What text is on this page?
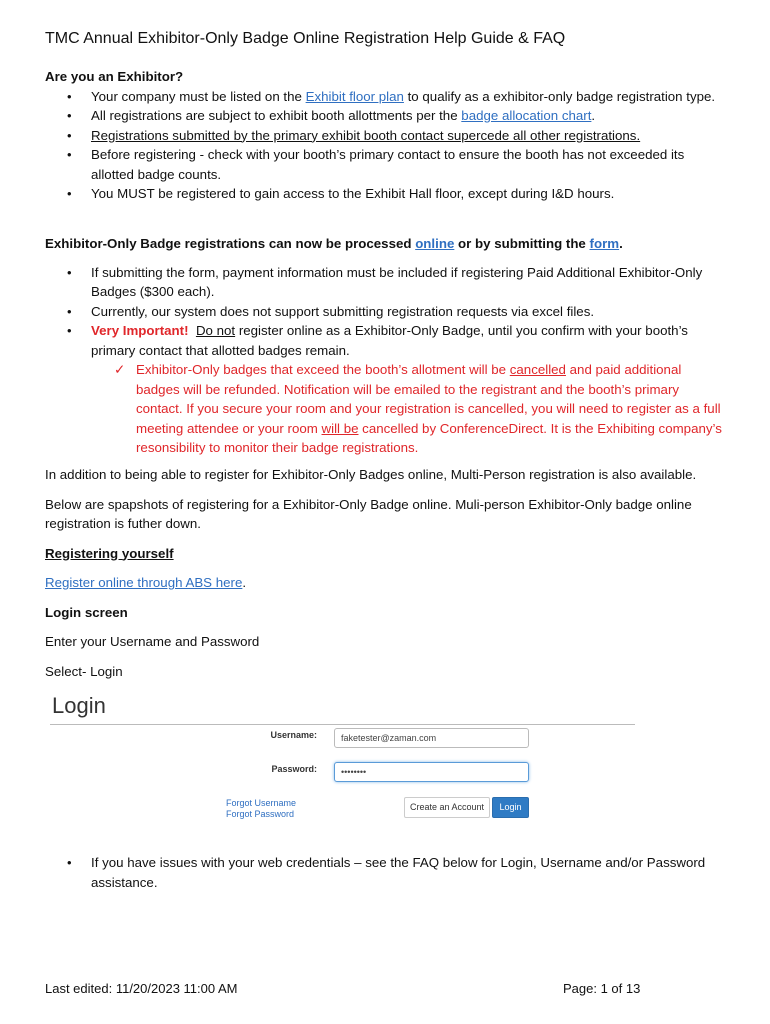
TMC Annual Exhibitor-Only Badge Online Registration Help Guide & FAQ
Are you an Exhibitor?
• Your company must be listed on the Exhibit floor plan to qualify as a exhibitor-only badge registration type.
• All registrations are subject to exhibit booth allottments per the badge allocation chart.
• Registrations submitted by the primary exhibit booth contact supercede all other registrations.
• Before registering - check with your booth’s primary contact to ensure the booth has not exceeded its allotted badge counts.
• You MUST be registered to gain access to the Exhibit Hall floor, except during I&D hours.
Exhibitor-Only Badge registrations can now be processed online or by submitting the form.
• If submitting the form, payment information must be included if registering Paid Additional Exhibitor-Only Badges ($300 each).
• Currently, our system does not support submitting registration requests via excel files.
• Very Important! Do not register online as a Exhibitor-Only Badge, until you confirm with your booth’s primary contact that allotted badges remain.
✓ Exhibitor-Only badges that exceed the booth’s allotment will be cancelled and paid additional badges will be refunded. Notification will be emailed to the registrant and the booth’s primary contact. If you secure your room and your registration is cancelled, you will need to register as a full meeting attendee or your room will be cancelled by ConferenceDirect. It is the Exhibiting company’s resonsibility to monitor their badge registrations.

In addition to being able to register for Exhibitor-Only Badges online, Multi-Person registration is also available.

Below are spapshots of registering for a Exhibitor-Only Badge online. Muli-person Exhibitor-Only badge online registration is futher down.

Registering yourself

Register online through ABS here.

Login screen

Enter your Username and Password

Select- Login

Login
Username:	faketester@zaman.com
Password:	••••••••
Forgot Username
Forgot Password
Create an Account	Login
• If you have issues with your web credentials – see the FAQ below for Login, Username and/or Password assistance.
Last edited: 11/20/2023 11:00 AM	Page: 1 of 13
